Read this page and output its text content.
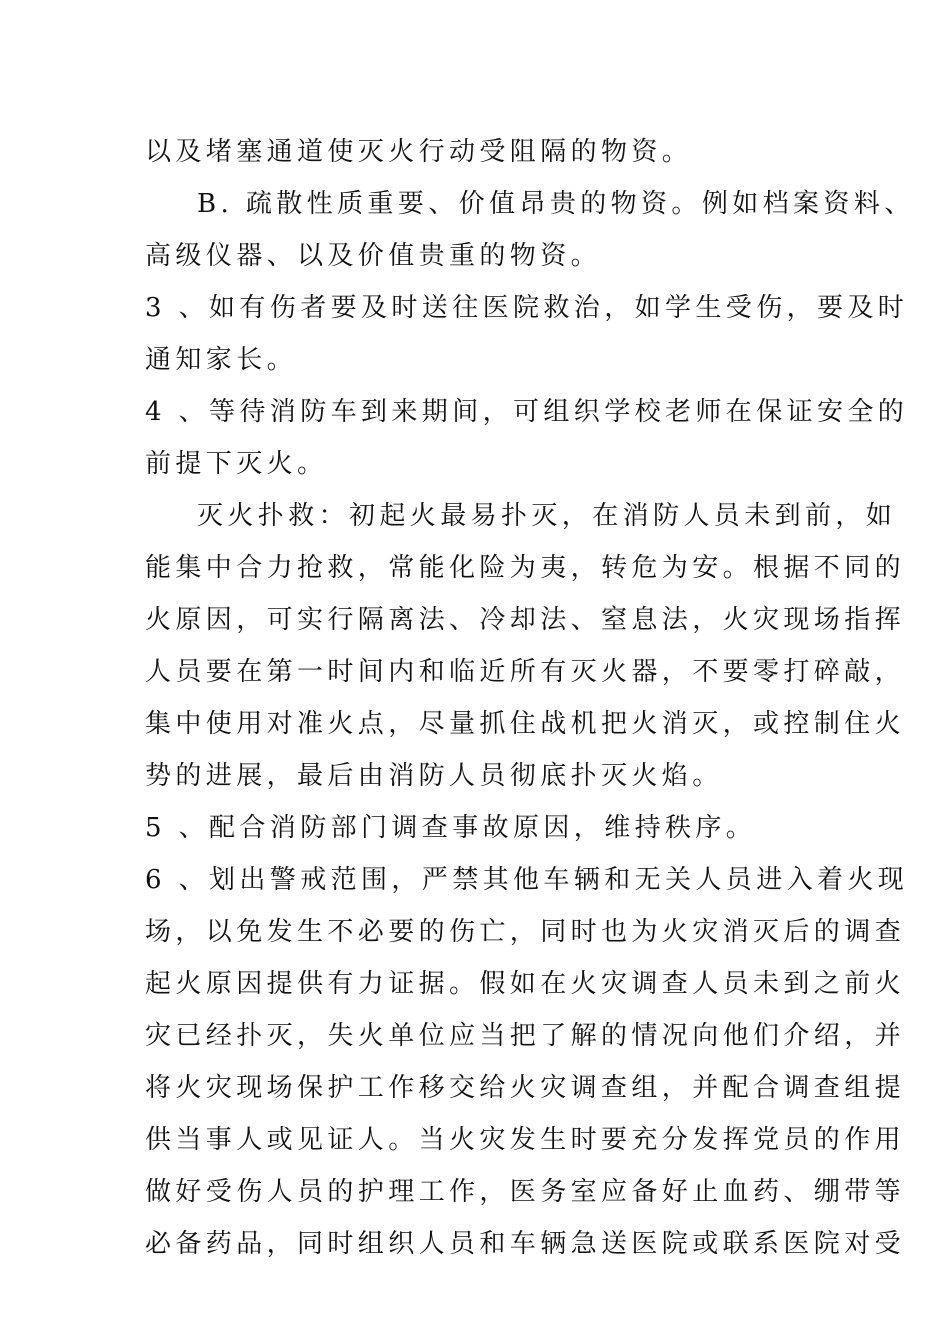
以及堵塞通道使灭火行动受阻隔的物资。
B. 疏散性质重要、价值昂贵的物资。例如档案资料、
高级仪器、以及价值贵重的物资。
3 、如有伤者要及时送往医院救治，如学生受伤，要及时
通知家长。
4 、等待消防车到来期间，可组织学校老师在保证安全的
前提下灭火。
灭火扑救：初起火最易扑灭，在消防人员未到前，如
能集中合力抢救，常能化险为夷，转危为安。根据不同的
火原因，可实行隔离法、冷却法、窒息法，火灾现场指挥
人员要在第一时间内和临近所有灭火器，不要零打碎敲，
集中使用对准火点，尽量抓住战机把火消灭，或控制住火
势的进展，最后由消防人员彻底扑灭火焰。
5 、配合消防部门调查事故原因，维持秩序。
6 、划出警戒范围，严禁其他车辆和无关人员进入着火现
场，以免发生不必要的伤亡，同时也为火灾消灭后的调查
起火原因提供有力证据。假如在火灾调查人员未到之前火
灾已经扑灭，失火单位应当把了解的情况向他们介绍，并
将火灾现场保护工作移交给火灾调查组，并配合调查组提
供当事人或见证人。当火灾发生时要充分发挥党员的作用
做好受伤人员的护理工作，医务室应备好止血药、绷带等
必备药品，同时组织人员和车辆急送医院或联系医院对受
